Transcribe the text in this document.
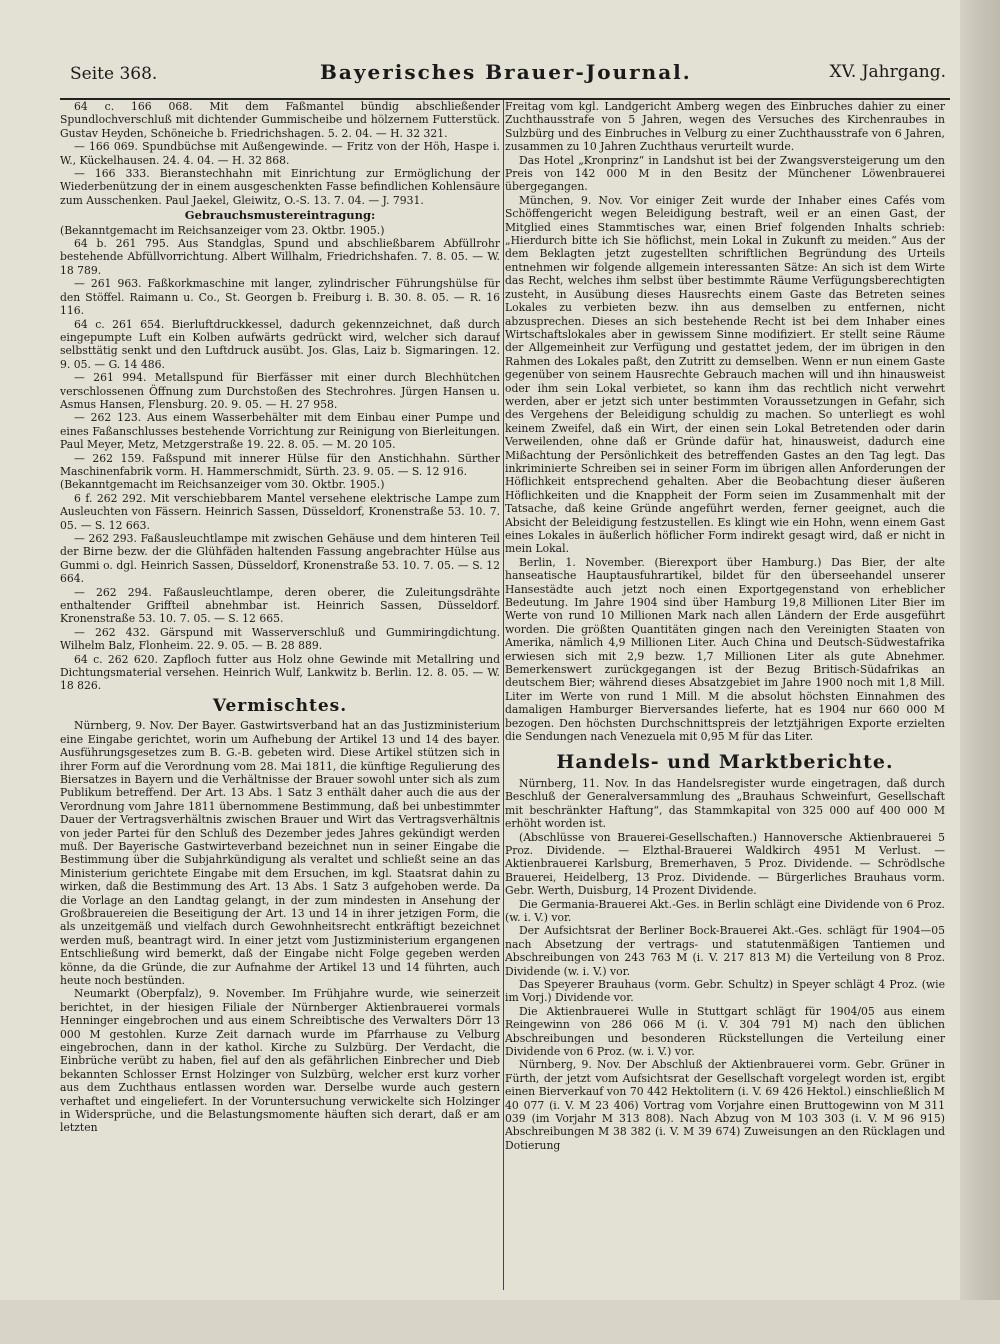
Seite 368.	Bayerisches Brauer-Journal.	XV. Jahrgang.

64 c. 166 068. Mit dem Faßmantel bündig abschließender Spundlochverschluß mit dichtender Gummischeibe und hölzernem Futterstück. Gustav Heyden, Schöneiche b. Friedrichshagen. 5. 2. 04. — H. 32 321.

— 166 069. Spundbüchse mit Außengewinde. — Fritz von der Höh, Haspe i. W., Kückelhausen. 24. 4. 04. — H. 32 868.

— 166 333. Bieranstechhahn mit Einrichtung zur Ermöglichung der Wiederbenützung der in einem ausgeschenkten Fasse befindlichen Kohlensäure zum Ausschenken. Paul Jaekel, Gleiwitz, O.-S. 13. 7. 04. — J. 7931.

Gebrauchsmustereintragung:

(Bekanntgemacht im Reichsanzeiger vom 23. Oktbr. 1905.)

64 b. 261 795. Aus Standglas, Spund und abschließbarem Abfüllrohr bestehende Abfüllvorrichtung. Albert Willhalm, Friedrichshafen. 7. 8. 05. — W. 18 789.

— 261 963. Faßkorkmaschine mit langer, zylindrischer Führungshülse für den Stöffel. Raimann u. Co., St. Georgen b. Freiburg i. B. 30. 8. 05. — R. 16 116.

64 c. 261 654. Bierluftdruckkessel, dadurch gekennzeichnet, daß durch eingepumpte Luft ein Kolben aufwärts gedrückt wird, welcher sich darauf selbsttätig senkt und den Luftdruck ausübt. Jos. Glas, Laiz b. Sigmaringen. 12. 9. 05. — G. 14 486.

— 261 994. Metallspund für Bierfässer mit einer durch Blechhütchen verschlossenen Öffnung zum Durchstoßen des Stechrohres. Jürgen Hansen u. Asmus Hansen, Flensburg. 20. 9. 05. — H. 27 958.

— 262 123. Aus einem Wasserbehälter mit dem Einbau einer Pumpe und eines Faßanschlusses bestehende Vorrichtung zur Reinigung von Bierleitungen. Paul Meyer, Metz, Metzgerstraße 19. 22. 8. 05. — M. 20 105.

— 262 159. Faßspund mit innerer Hülse für den Anstichhahn. Sürther Maschinenfabrik vorm. H. Hammerschmidt, Sürth. 23. 9. 05. — S. 12 916.

(Bekanntgemacht im Reichsanzeiger vom 30. Oktbr. 1905.)

6 f. 262 292. Mit verschiebbarem Mantel versehene elektrische Lampe zum Ausleuchten von Fässern. Heinrich Sassen, Düsseldorf, Kronenstraße 53. 10. 7. 05. — S. 12 663.

— 262 293. Faßausleuchtlampe mit zwischen Gehäuse und dem hinteren Teil der Birne bezw. der die Glühfäden haltenden Fassung angebrachter Hülse aus Gummi o. dgl. Heinrich Sassen, Düsseldorf, Kronenstraße 53. 10. 7. 05. — S. 12 664.

— 262 294. Faßausleuchtlampe, deren oberer, die Zuleitungsdrähte enthaltender Griffteil abnehmbar ist. Heinrich Sassen, Düsseldorf. Kronenstraße 53. 10. 7. 05. — S. 12 665.

— 262 432. Gärspund mit Wasserverschluß und Gummiringdichtung. Wilhelm Balz, Flonheim. 22. 9. 05. — B. 28 889.

64 c. 262 620. Zapfloch futter aus Holz ohne Gewinde mit Metallring und Dichtungsmaterial versehen. Heinrich Wulf, Lankwitz b. Berlin. 12. 8. 05. — W. 18 826.

Vermischtes.

Nürnberg, 9. Nov. Der Bayer. Gastwirtsverband hat an das Justizministerium eine Eingabe gerichtet, worin um Aufhebung der Artikel 13 und 14 des bayer. Ausführungsgesetzes zum B. G.-B. gebeten wird. Diese Artikel stützen sich in ihrer Form auf die Verordnung vom 28. Mai 1811, die künftige Regulierung des Biersatzes in Bayern und die Verhältnisse der Brauer sowohl unter sich als zum Publikum betreffend. Der Art. 13 Abs. 1 Satz 3 enthält daher auch die aus der Verordnung vom Jahre 1811 übernommene Bestimmung, daß bei unbestimmter Dauer der Vertragsverhältnis zwischen Brauer und Wirt das Vertragsverhältnis von jeder Partei für den Schluß des Dezember jedes Jahres gekündigt werden muß. Der Bayerische Gastwirteverband bezeichnet nun in seiner Eingabe die Bestimmung über die Subjahrkündigung als veraltet und schließt seine an das Ministerium gerichtete Eingabe mit dem Ersuchen, im kgl. Staatsrat dahin zu wirken, daß die Bestimmung des Art. 13 Abs. 1 Satz 3 aufgehoben werde. Da die Vorlage an den Landtag gelangt, in der zum mindesten in Ansehung der Großbrauereien die Beseitigung der Art. 13 und 14 in ihrer jetzigen Form, die als unzeitgemäß und vielfach durch Gewohnheitsrecht entkräftigt bezeichnet werden muß, beantragt wird. In einer jetzt vom Justizministerium ergangenen Entschließung wird bemerkt, daß der Eingabe nicht Folge gegeben werden könne, da die Gründe, die zur Aufnahme der Artikel 13 und 14 führten, auch heute noch bestünden.

Neumarkt (Oberpfalz), 9. November. Im Frühjahre wurde, wie seinerzeit berichtet, in der hiesigen Filiale der Nürnberger Aktienbrauerei vormals Henninger eingebrochen und aus einem Schreibtische des Verwalters Dörr 13 000 M gestohlen. Kurze Zeit darnach wurde im Pfarrhause zu Velburg eingebrochen, dann in der kathol. Kirche zu Sulzbürg. Der Verdacht, die Einbrüche verübt zu haben, fiel auf den als gefährlichen Einbrecher und Dieb bekannten Schlosser Ernst Holzinger von Sulzbürg, welcher erst kurz vorher aus dem Zuchthaus entlassen worden war. Derselbe wurde auch gestern verhaftet und eingeliefert. In der Voruntersuchung verwickelte sich Holzinger in Widersprüche, und die Belastungsmomente häuften sich derart, daß er am letzten

Freitag vom kgl. Landgericht Amberg wegen des Einbruches dahier zu einer Zuchthausstrafe von 5 Jahren, wegen des Versuches des Kirchenraubes in Sulzbürg und des Einbruches in Velburg zu einer Zuchthausstrafe von 6 Jahren, zusammen zu 10 Jahren Zuchthaus verurteilt wurde.

Das Hotel „Kronprinz“ in Landshut ist bei der Zwangsversteigerung um den Preis von 142 000 M in den Besitz der Münchener Löwenbrauerei übergegangen.

München, 9. Nov. Vor einiger Zeit wurde der Inhaber eines Cafés vom Schöffengericht wegen Beleidigung bestraft, weil er an einen Gast, der Mitglied eines Stammtisches war, einen Brief folgenden Inhalts schrieb: „Hierdurch bitte ich Sie höflichst, mein Lokal in Zukunft zu meiden.“ Aus der dem Beklagten jetzt zugestellten schriftlichen Begründung des Urteils entnehmen wir folgende allgemein interessanten Sätze: An sich ist dem Wirte das Recht, welches ihm selbst über bestimmte Räume Verfügungsberechtigten zusteht, in Ausübung dieses Hausrechts einem Gaste das Betreten seines Lokales zu verbieten bezw. ihn aus demselben zu entfernen, nicht abzusprechen. Dieses an sich bestehende Recht ist bei dem Inhaber eines Wirtschaftslokales aber in gewissem Sinne modifiziert. Er stellt seine Räume der Allgemeinheit zur Verfügung und gestattet jedem, der im übrigen in den Rahmen des Lokales paßt, den Zutritt zu demselben. Wenn er nun einem Gaste gegenüber von seinem Hausrechte Gebrauch machen will und ihn hinausweist oder ihm sein Lokal verbietet, so kann ihm das rechtlich nicht verwehrt werden, aber er jetzt sich unter bestimmten Voraussetzungen in Gefahr, sich des Vergehens der Beleidigung schuldig zu machen. So unterliegt es wohl keinem Zweifel, daß ein Wirt, der einen sein Lokal Betretenden oder darin Verweilenden, ohne daß er Gründe dafür hat, hinausweist, dadurch eine Mißachtung der Persönlichkeit des betreffenden Gastes an den Tag legt. Das inkriminierte Schreiben sei in seiner Form im übrigen allen Anforderungen der Höflichkeit entsprechend gehalten. Aber die Beobachtung dieser äußeren Höflichkeiten und die Knappheit der Form seien im Zusammenhalt mit der Tatsache, daß keine Gründe angeführt werden, ferner geeignet, auch die Absicht der Beleidigung festzustellen. Es klingt wie ein Hohn, wenn einem Gast eines Lokales in äußerlich höflicher Form indirekt gesagt wird, daß er nicht in mein Lokal.

Berlin, 1. November. (Bierexport über Hamburg.) Das Bier, der alte hanseatische Hauptausfuhrartikel, bildet für den überseehandel unserer Hansestädte auch jetzt noch einen Exportgegenstand von erheblicher Bedeutung. Im Jahre 1904 sind über Hamburg 19,8 Millionen Liter Bier im Werte von rund 10 Millionen Mark nach allen Ländern der Erde ausgeführt worden. Die größten Quantitäten gingen nach den Vereinigten Staaten von Amerika, nämlich 4,9 Millionen Liter. Auch China und Deutsch-Südwestafrika erwiesen sich mit 2,9 bezw. 1,7 Millionen Liter als gute Abnehmer. Bemerkenswert zurückgegangen ist der Bezug Britisch-Südafrikas an deutschem Bier; während dieses Absatzgebiet im Jahre 1900 noch mit 1,8 Mill. Liter im Werte von rund 1 Mill. M die absolut höchsten Einnahmen des damaligen Hamburger Bierversandes lieferte, hat es 1904 nur 660 000 M bezogen. Den höchsten Durchschnittspreis der letztjährigen Exporte erzielten die Sendungen nach Venezuela mit 0,95 M für das Liter.

Handels- und Marktberichte.

Nürnberg, 11. Nov. In das Handelsregister wurde eingetragen, daß durch Beschluß der Generalversammlung des „Brauhaus Schweinfurt, Gesellschaft mit beschränkter Haftung“, das Stammkapital von 325 000 auf 400 000 M erhöht worden ist.

(Abschlüsse von Brauerei-Gesellschaften.) Hannoversche Aktienbrauerei 5 Proz. Dividende. — Elzthal-Brauerei Waldkirch 4951 M Verlust. — Aktienbrauerei Karlsburg, Bremerhaven, 5 Proz. Dividende. — Schrödlsche Brauerei, Heidelberg, 13 Proz. Dividende. — Bürgerliches Brauhaus vorm. Gebr. Werth, Duisburg, 14 Prozent Dividende.

Die Germania-Brauerei Akt.-Ges. in Berlin schlägt eine Dividende von 6 Proz. (w. i. V.) vor.

Der Aufsichtsrat der Berliner Bock-Brauerei Akt.-Ges. schlägt für 1904—05 nach Absetzung der vertrags- und statutenmäßigen Tantiemen und Abschreibungen von 243 763 M (i. V. 217 813 M) die Verteilung von 8 Proz. Dividende (w. i. V.) vor.

Das Speyerer Brauhaus (vorm. Gebr. Schultz) in Speyer schlägt 4 Proz. (wie im Vorj.) Dividende vor.

Die Aktienbrauerei Wulle in Stuttgart schlägt für 1904/05 aus einem Reingewinn von 286 066 M (i. V. 304 791 M) nach den üblichen Abschreibungen und besonderen Rückstellungen die Verteilung einer Dividende von 6 Proz. (w. i. V.) vor.

Nürnberg, 9. Nov. Der Abschluß der Aktienbrauerei vorm. Gebr. Grüner in Fürth, der jetzt vom Aufsichtsrat der Gesellschaft vorgelegt worden ist, ergibt einen Bierverkauf von 70 442 Hektolitern (i. V. 69 426 Hektol.) einschließlich M 40 077 (i. V. M 23 406) Vortrag vom Vorjahre einen Bruttogewinn von M 311 039 (im Vorjahr M 313 808). Nach Abzug von M 103 303 (i. V. M 96 915) Abschreibungen M 38 382 (i. V. M 39 674) Zuweisungen an den Rücklagen und Dotierung
